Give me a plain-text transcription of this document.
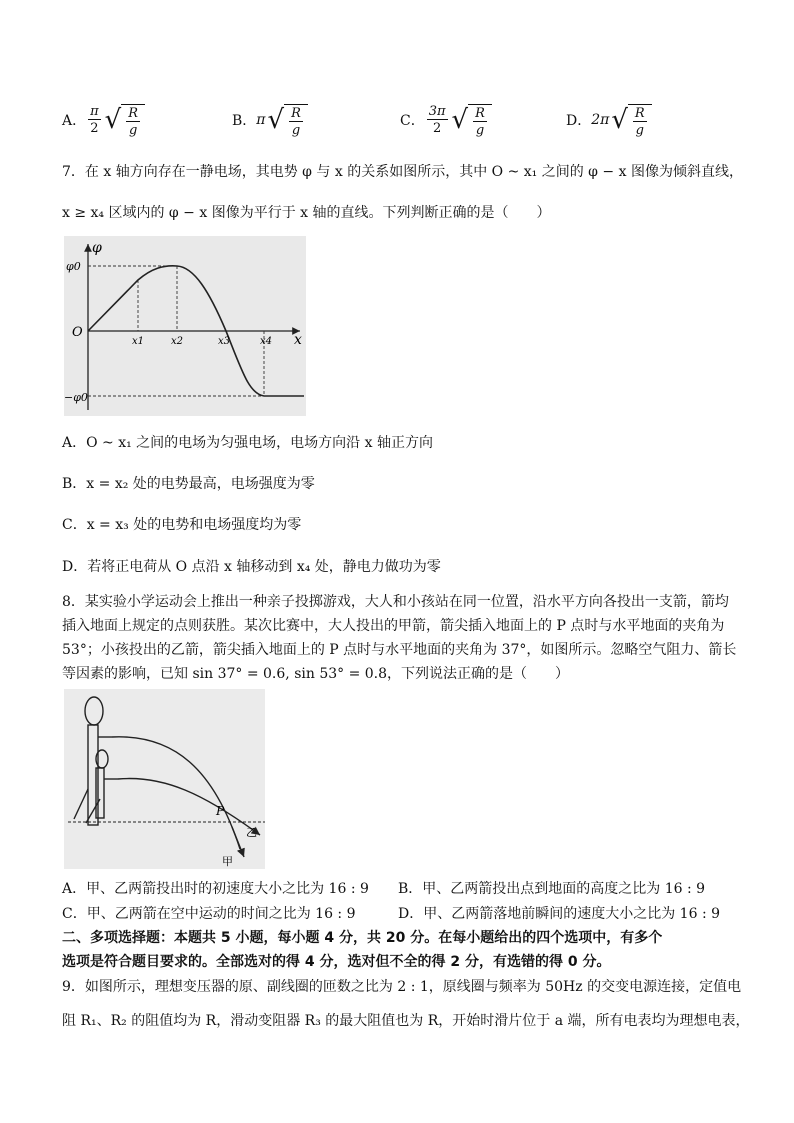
A． $\frac{\pi}{2}$ √ $\frac{R}{g}$	B． π √ $\frac{R}{g}$	C． $\frac{3\pi}{2}$ √ $\frac{R}{g}$	D． 2π √ $\frac{R}{g}$
7．在 x 轴方向存在一静电场，其电势 φ 与 x 的关系如图所示，其中 O ~ x₁ 之间的 φ − x 图像为倾斜直线，
x ≥ x₄ 区域内的 φ − x 图像为平行于 x 轴的直线。下列判断正确的是（　　）
φ
x
O
φ0
−φ0
x1	x2	x3	x4
A．O ~ x₁ 之间的电场为匀强电场，电场方向沿 x 轴正方向
B．x = x₂ 处的电势最高，电场强度为零
C．x = x₃ 处的电势和电场强度均为零
D．若将正电荷从 O 点沿 x 轴移动到 x₄ 处，静电力做功为零
8．某实验小学运动会上推出一种亲子投掷游戏，大人和小孩站在同一位置，沿水平方向各投出一支箭，箭均
插入地面上规定的点则获胜。某次比赛中，大人投出的甲箭，箭尖插入地面上的 P 点时与水平地面的夹角为
53°；小孩投出的乙箭，箭尖插入地面上的 P 点时与水平地面的夹角为 37°，如图所示。忽略空气阻力、箭长
等因素的影响，已知 sin 37° = 0.6, sin 53° = 0.8，下列说法正确的是（　　）
P
乙
甲
A．甲、乙两箭投出时的初速度大小之比为 16 : 9 B．甲、乙两箭投出点到地面的高度之比为 16 : 9
C．甲、乙两箭在空中运动的时间之比为 16 : 9	D．甲、乙两箭落地前瞬间的速度大小之比为 16 : 9
二、多项选择题：本题共 5 小题，每小题 4 分，共 20 分。在每小题给出的四个选项中，有多个
选项是符合题目要求的。全部选对的得 4 分，选对但不全的得 2 分，有选错的得 0 分。
9．如图所示，理想变压器的原、副线圈的匝数之比为 2 : 1，原线圈与频率为 50Hz 的交变电源连接，定值电
阻 R₁、R₂ 的阻值均为 R，滑动变阻器 R₃ 的最大阻值也为 R，开始时滑片位于 a 端，所有电表均为理想电表，
